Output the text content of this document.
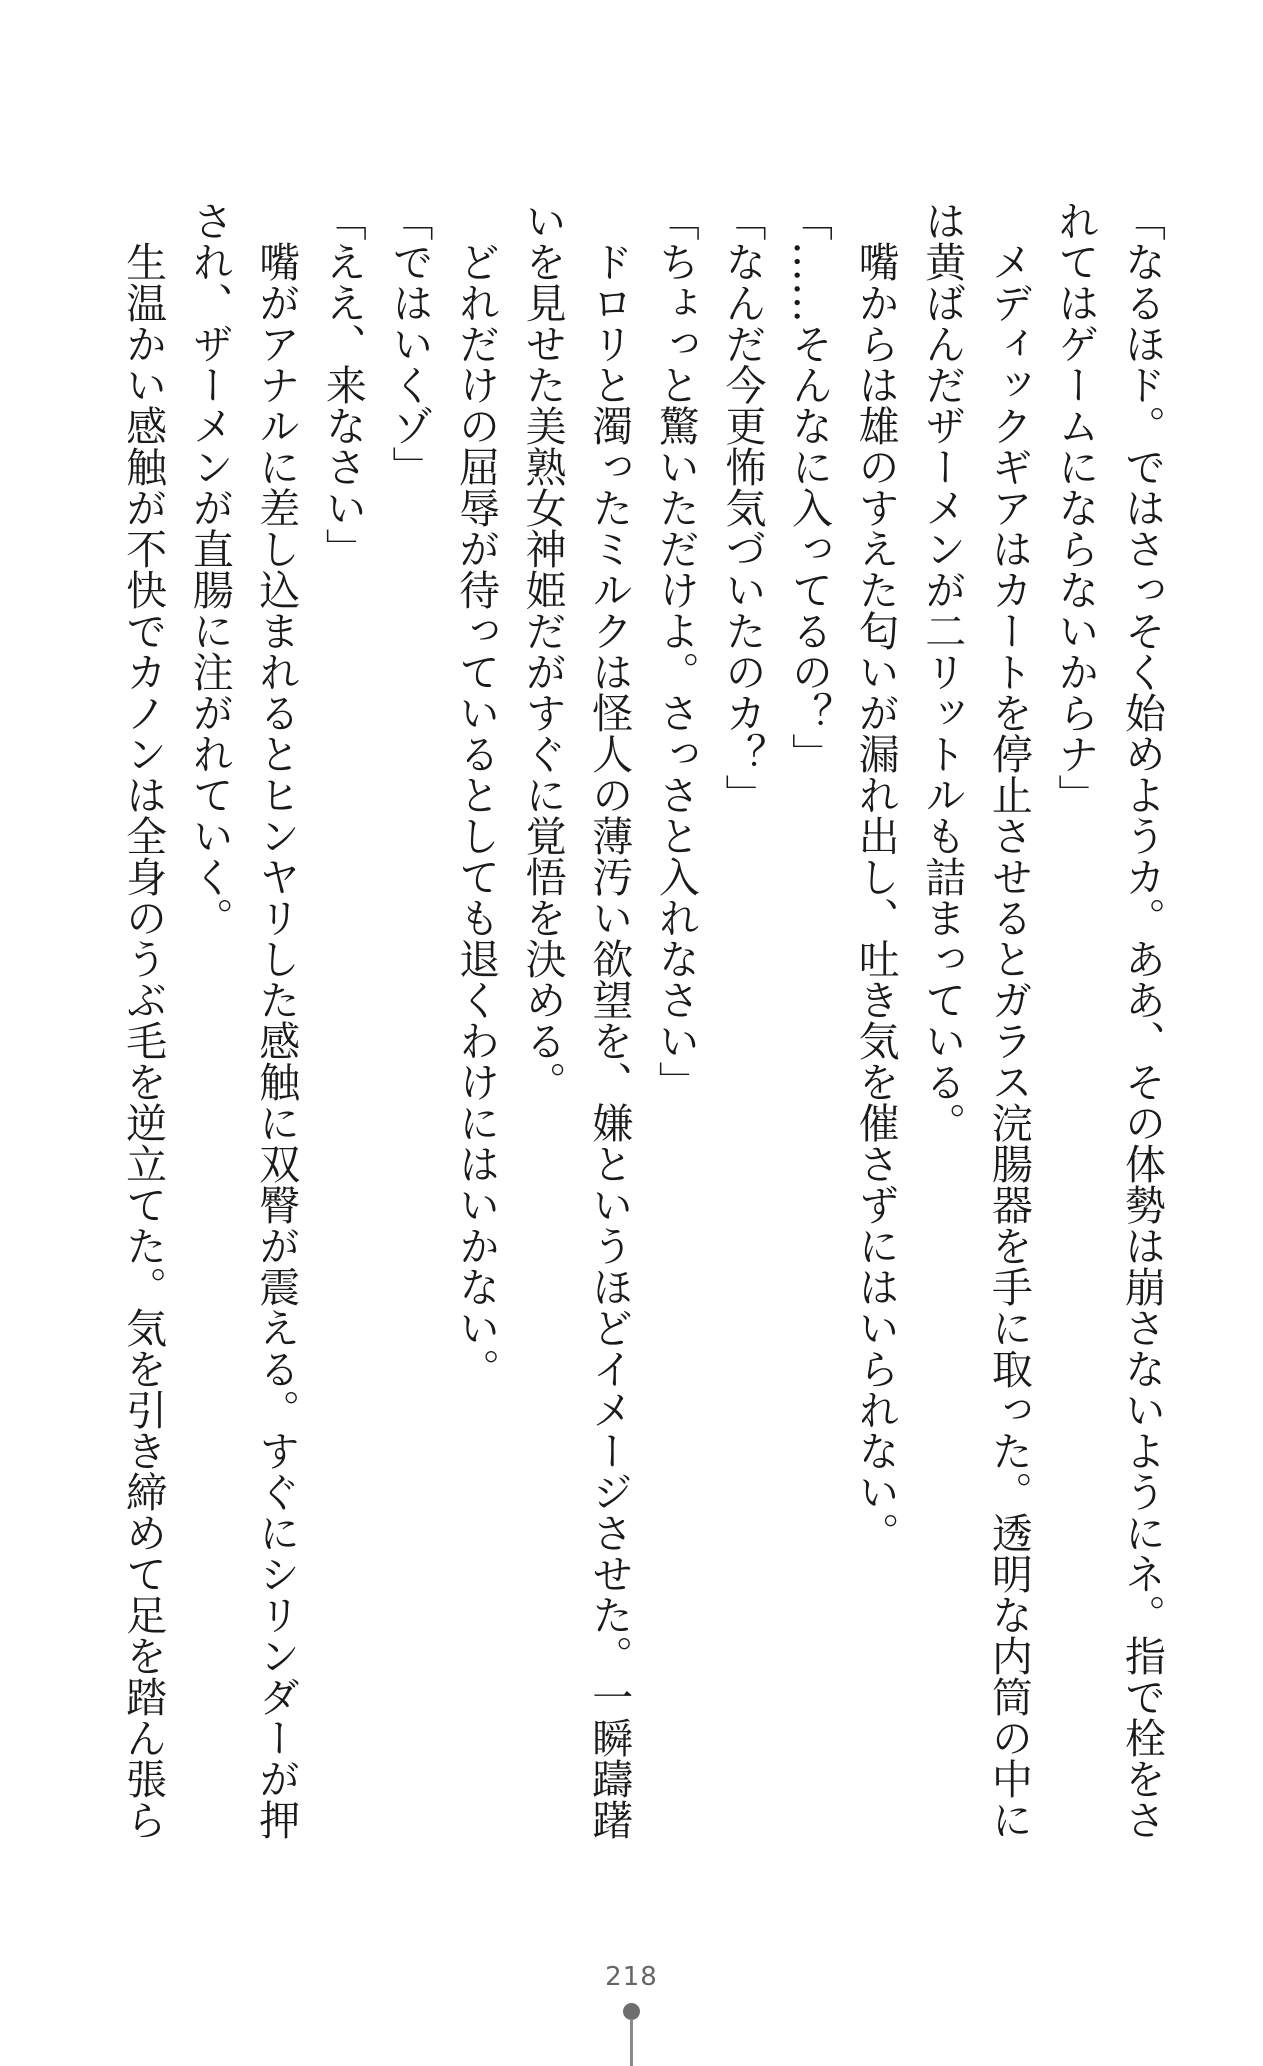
「なるほド。ではさっそく始めようカ。ああ、その体勢は崩さないようにネ。指で栓をさ
れてはゲームにならないからナ」
　メディックギアはカートを停止させるとガラス浣腸器を手に取った。透明な内筒の中に
は黄ばんだザーメンが二リットルも詰まっている。
　嘴からは雄のすえた匂いが漏れ出し、吐き気を催さずにはいられない。
「……そんなに入ってるの？」
「なんだ今更怖気づいたのカ？」
「ちょっと驚いただけよ。さっさと入れなさい」
　ドロリと濁ったミルクは怪人の薄汚い欲望を、嫌というほどイメージさせた。一瞬躊躇
いを見せた美熟女神姫だがすぐに覚悟を決める。
　どれだけの屈辱が待っているとしても退くわけにはいかない。
「ではいくゾ」
「ええ、来なさい」
　嘴がアナルに差し込まれるとヒンヤリした感触に双臀が震える。すぐにシリンダーが押
され、ザーメンが直腸に注がれていく。
　生温かい感触が不快でカノンは全身のうぶ毛を逆立てた。気を引き締めて足を踏ん張ら
218
